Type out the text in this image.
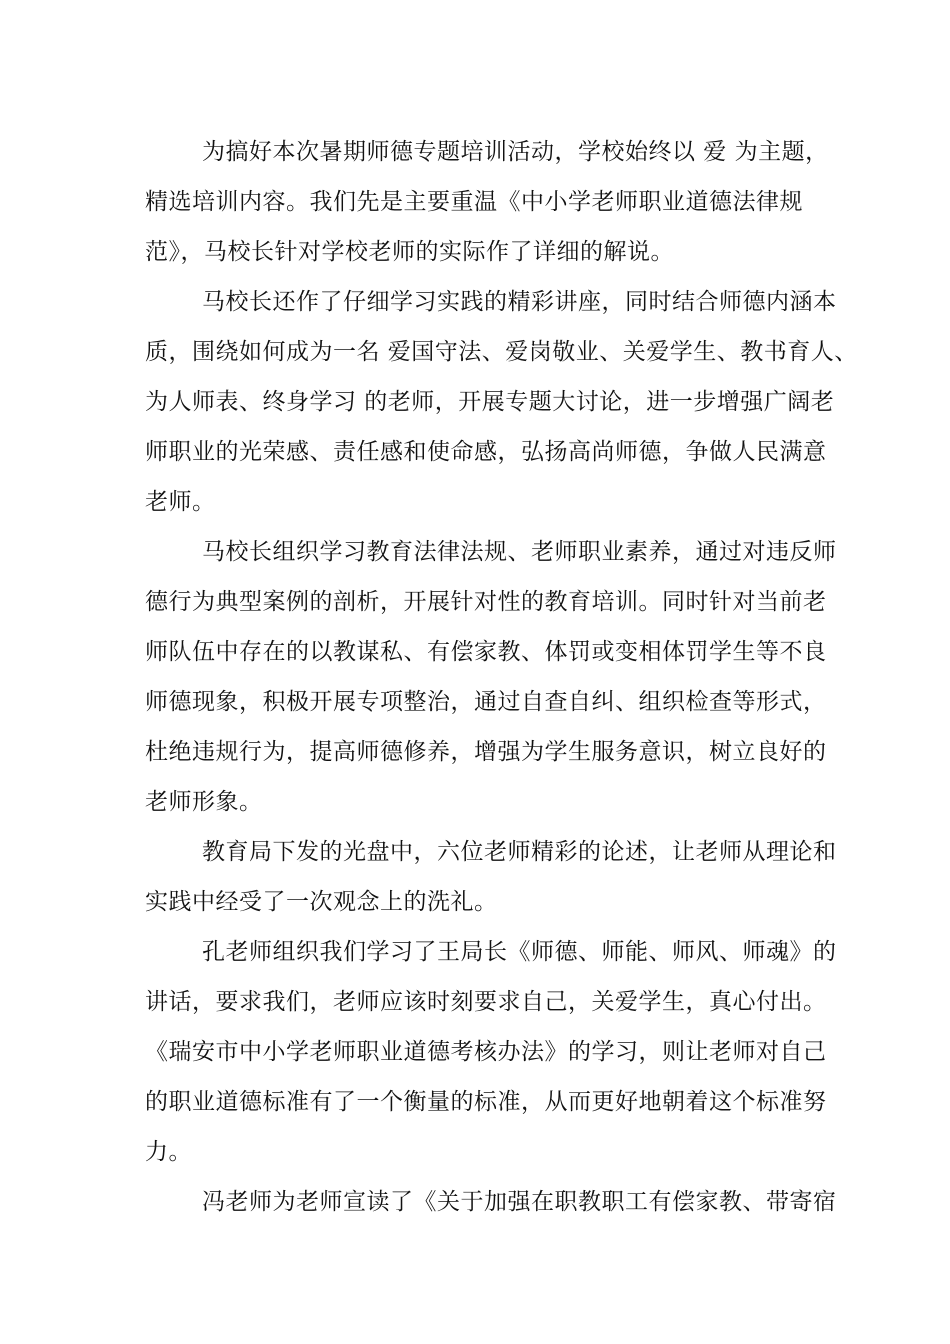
为搞好本次暑期师德专题培训活动，学校始终以 爱 为主题，
精选培训内容。我们先是主要重温《中小学老师职业道德法律规
范》，马校长针对学校老师的实际作了详细的解说。
马校长还作了仔细学习实践的精彩讲座，同时结合师德内涵本
质，围绕如何成为一名 爱国守法、爱岗敬业、关爱学生、教书育人、
为人师表、终身学习 的老师，开展专题大讨论，进一步增强广阔老
师职业的光荣感、责任感和使命感，弘扬高尚师德，争做人民满意
老师。
马校长组织学习教育法律法规、老师职业素养，通过对违反师
德行为典型案例的剖析，开展针对性的教育培训。同时针对当前老
师队伍中存在的以教谋私、有偿家教、体罚或变相体罚学生等不良
师德现象，积极开展专项整治，通过自查自纠、组织检查等形式，
杜绝违规行为，提高师德修养，增强为学生服务意识，树立良好的
老师形象。
教育局下发的光盘中，六位老师精彩的论述，让老师从理论和
实践中经受了一次观念上的洗礼。
孔老师组织我们学习了王局长《师德、师能、师风、师魂》的
讲话，要求我们，老师应该时刻要求自己，关爱学生，真心付出。
《瑞安市中小学老师职业道德考核办法》的学习，则让老师对自己
的职业道德标准有了一个衡量的标准，从而更好地朝着这个标准努
力。
冯老师为老师宣读了《关于加强在职教职工有偿家教、带寄宿
